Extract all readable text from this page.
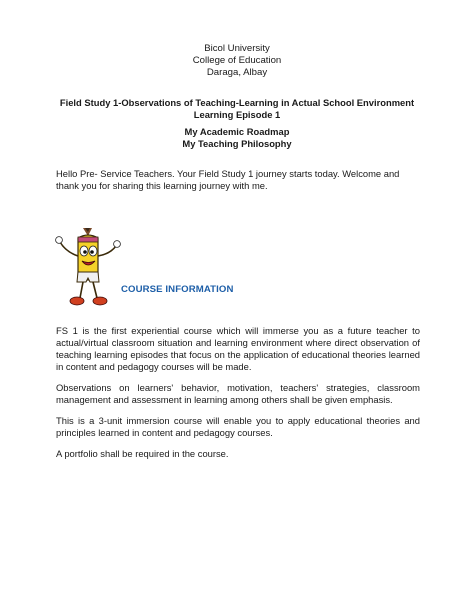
Bicol University
College of Education
Daraga, Albay
Field Study 1-Observations of Teaching-Learning in Actual School Environment
Learning Episode 1
My Academic Roadmap
My Teaching Philosophy
Hello Pre- Service Teachers. Your Field Study 1 journey starts today. Welcome and
thank you for sharing this learning journey with me.
COURSE INFORMATION

FS 1 is the first experiential course which will immerse you as a future teacher to actual/virtual classroom situation and learning environment where direct observation of teaching learning episodes that focus on the application of educational theories learned in content and pedagogy courses will be made.

Observations on learners' behavior, motivation, teachers' strategies, classroom management and assessment in learning among others shall be given emphasis.

This is a 3-unit immersion course will enable you to apply educational theories and principles learned in content and pedagogy courses.

A portfolio shall be required in the course.
